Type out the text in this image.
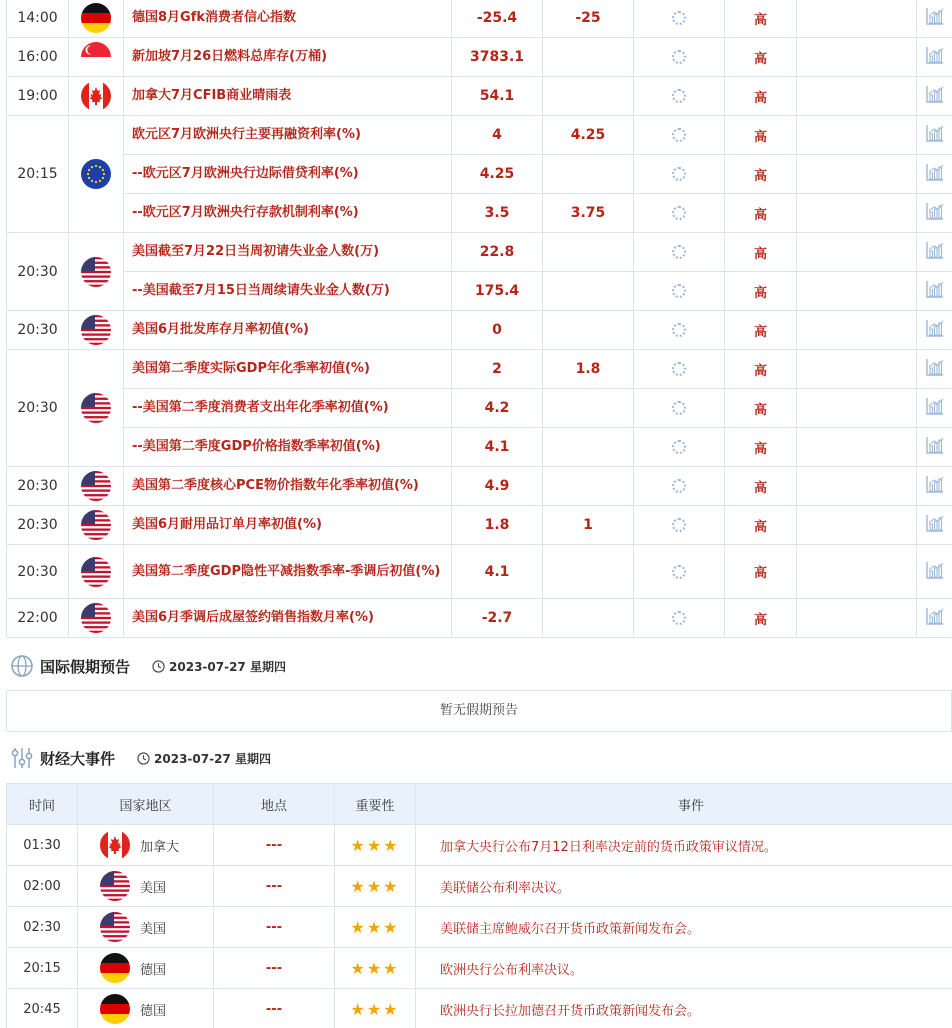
14:00		德国8月Gfk消费者信心指数	-25.4	-25		高			
16:00		新加坡7月26日燃料总库存(万桶)	3783.1			高			
19:00		加拿大7月CFIB商业晴雨表	54.1			高			
20:15		欧元区7月欧洲央行主要再融资利率(%)	4	4.25		高			
		--欧元区7月欧洲央行边际借贷利率(%)	4.25			高			
		--欧元区7月欧洲央行存款机制利率(%)	3.5	3.75		高			
20:30		美国截至7月22日当周初请失业金人数(万)	22.8			高			
		--美国截至7月15日当周续请失业金人数(万)	175.4			高			
20:30		美国6月批发库存月率初值(%)	0			高			
20:30		美国第二季度实际GDP年化季率初值(%)	2	1.8		高			
		--美国第二季度消费者支出年化季率初值(%)	4.2			高			
		--美国第二季度GDP价格指数季率初值(%)	4.1			高			
20:30		美国第二季度核心PCE物价指数年化季率初值(%)	4.9			高			
20:30		美国6月耐用品订单月率初值(%)	1.8	1		高			
20:30		美国第二季度GDP隐性平减指数季率-季调后初值(%)	4.1			高			
22:00		美国6月季调后成屋签约销售指数月率(%)	-2.7			高			
国际假期预告	2023-07-27 星期四
暂无假期预告
财经大事件	2023-07-27 星期四
时间	国家地区	地点	重要性	事件
01:30	加拿大	---	★★★	加拿大央行公布7月12日利率决定前的货币政策审议情况。
02:00	美国	---	★★★	美联储公布利率决议。
02:30	美国	---	★★★	美联储主席鲍威尔召开货币政策新闻发布会。
20:15	德国	---	★★★	欧洲央行公布利率决议。
20:45	德国	---	★★★	欧洲央行长拉加德召开货币政策新闻发布会。
